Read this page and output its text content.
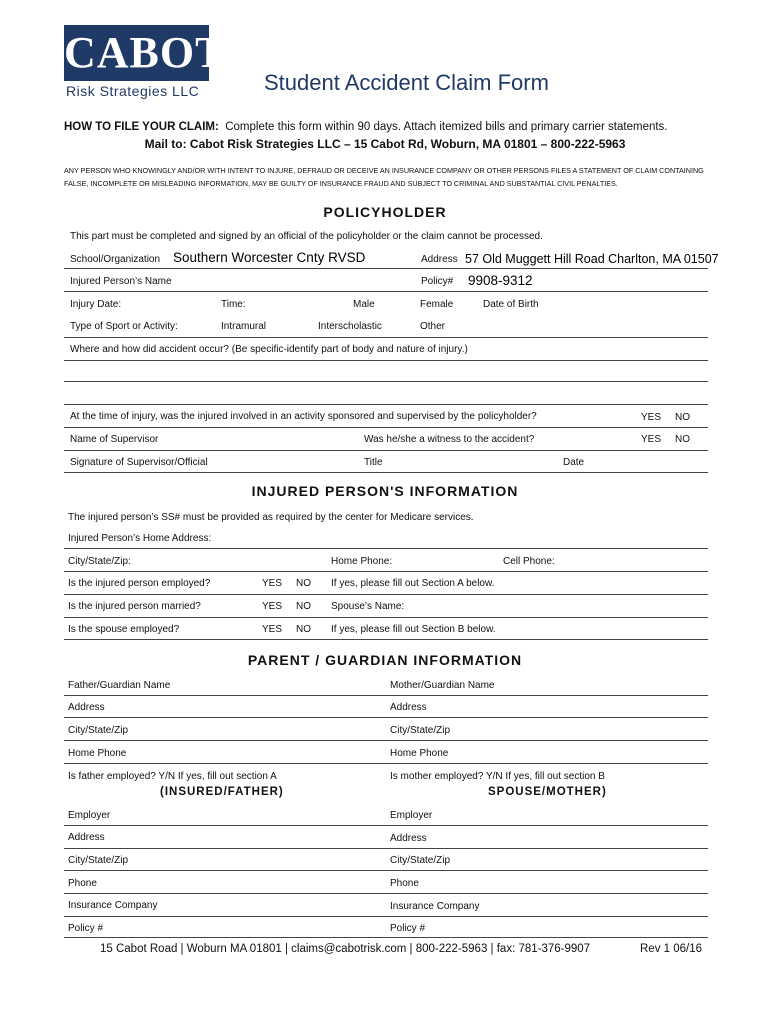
CABOT
Risk Strategies LLC	Student Accident Claim Form
HOW TO FILE YOUR CLAIM: Complete this form within 90 days. Attach itemized bills and primary carrier statements.
Mail to: Cabot Risk Strategies LLC – 15 Cabot Rd, Woburn, MA 01801 – 800-222-5963
ANY PERSON WHO KNOWINGLY AND/OR WITH INTENT TO INJURE, DEFRAUD OR DECEIVE AN INSURANCE COMPANY OR OTHER PERSONS FILES A STATEMENT OF CLAIM CONTAINING FALSE, INCOMPLETE OR MISLEADING INFORMATION, MAY BE GUILTY OF INSURANCE FRAUD AND SUBJECT TO CRIMINAL AND SUBSTANTIAL CIVIL PENALTIES.
POLICYHOLDER
This part must be completed and signed by an official of the policyholder or the claim cannot be processed.
School/Organization Southern Worcester Cnty RVSD	Address 57 Old Muggett Hill Road Charlton, MA 01507
Injured Person’s Name	Policy# 9908-9312
Injury Date:	Time:	Male	Female	Date of Birth
Type of Sport or Activity:	Intramural	Interscholastic	Other
Where and how did accident occur? (Be specific-identify part of body and nature of injury.)
At the time of injury, was the injured involved in an activity sponsored and supervised by the policyholder?	YES NO
Name of Supervisor	Was he/she a witness to the accident?	YES NO
Signature of Supervisor/Official	Title	Date
INJURED PERSON'S INFORMATION
The injured person’s SS# must be provided as required by the center for Medicare services.
Injured Person’s Home Address:
City/State/Zip:	Home Phone:	Cell Phone:
Is the injured person employed?	YES NO If yes, please fill out Section A below.
Is the injured person married?	YES NO Spouse’s Name:
Is the spouse employed?	YES NO If yes, please fill out Section B below.
PARENT / GUARDIAN INFORMATION
Father/Guardian Name	Mother/Guardian Name
Address	Address
City/State/Zip	City/State/Zip
Home Phone	Home Phone
Is father employed? Y/N If yes, fill out section A	Is mother employed? Y/N If yes, fill out section B
(INSURED/FATHER)	SPOUSE/MOTHER)
Employer	Employer
Address	Address
City/State/Zip	City/State/Zip
Phone	Phone
Insurance Company	Insurance Company
Policy #	Policy #
15 Cabot Road | Woburn MA 01801 | claims@cabotrisk.com | 800-222-5963 | fax: 781-376-9907	Rev 1 06/16
